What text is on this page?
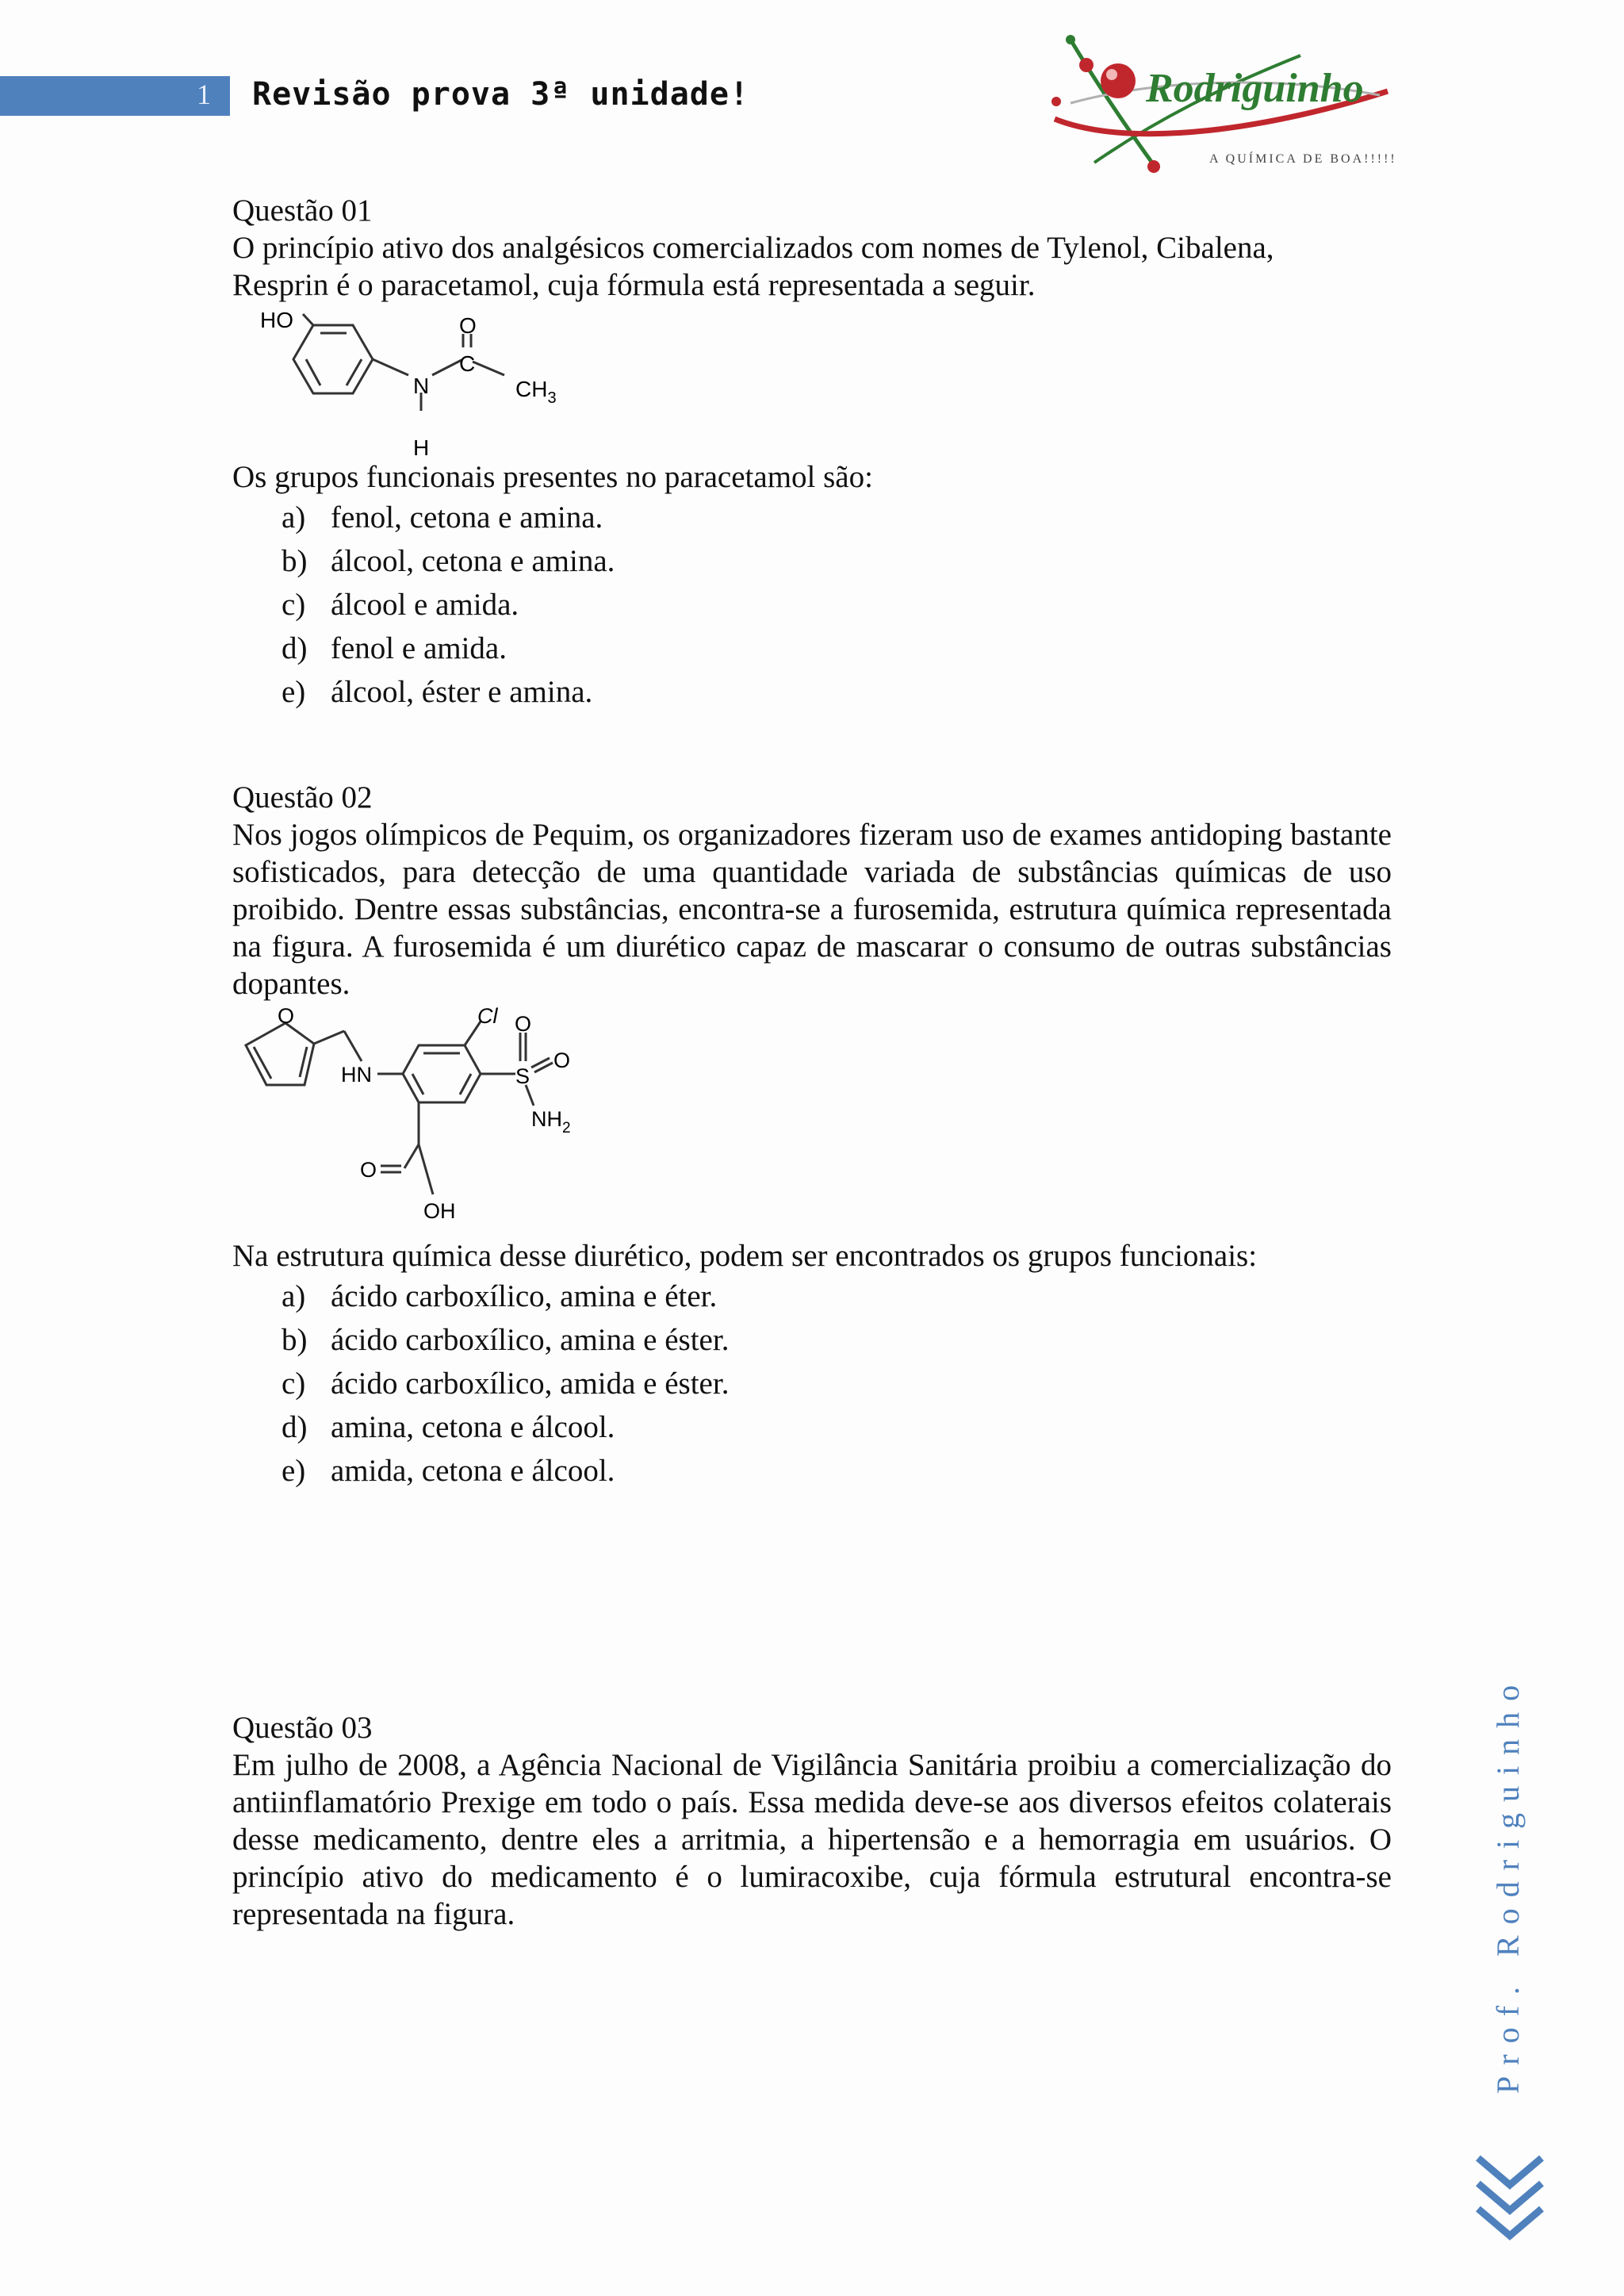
1 Revisão prova 3ª unidade!	Rodriguinho
A QUÍMICA DE BOA!!!!!

Questão 01

O princípio ativo dos analgésicos comercializados com nomes de Tylenol, Cibalena,

Resprin é o paracetamol, cuja fórmula está representada a seguir.

HO	O
C
N	$CH_3$
H

Os grupos funcionais presentes no paracetamol são:

a) fenol, cetona e amina.
b) álcool, cetona e amina.
c) álcool e amida.
d) fenol e amida.
e) álcool, éster e amina.

Questão 02

Nos jogos olímpicos de Pequim, os organizadores fizeram uso de exames antidoping bastante sofisticados, para detecção de uma quantidade variada de substâncias químicas de uso proibido. Dentre essas substâncias, encontra-se a furosemida, estrutura química representada na figura. A furosemida é um diurético capaz de mascarar o consumo de outras substâncias dopantes.

O	Cl
HN
O
S
O
$NH_2$
O
OH

Na estrutura química desse diurético, podem ser encontrados os grupos funcionais:

a) ácido carboxílico, amina e éter.
b) ácido carboxílico, amina e éster.
c) ácido carboxílico, amida e éster.
d) amina, cetona e álcool.
e) amida, cetona e álcool.

Questão 03

Em julho de 2008, a Agência Nacional de Vigilância Sanitária proibiu a comercialização do antiinflamatório Prexige em todo o país. Essa medida deve-se aos diversos efeitos colaterais desse medicamento, dentre eles a arritmia, a hipertensão e a hemorragia em usuários. O princípio ativo do medicamento é o lumiracoxibe, cuja fórmula estrutural encontra-se representada na figura.	Prof. Rodriguinho
